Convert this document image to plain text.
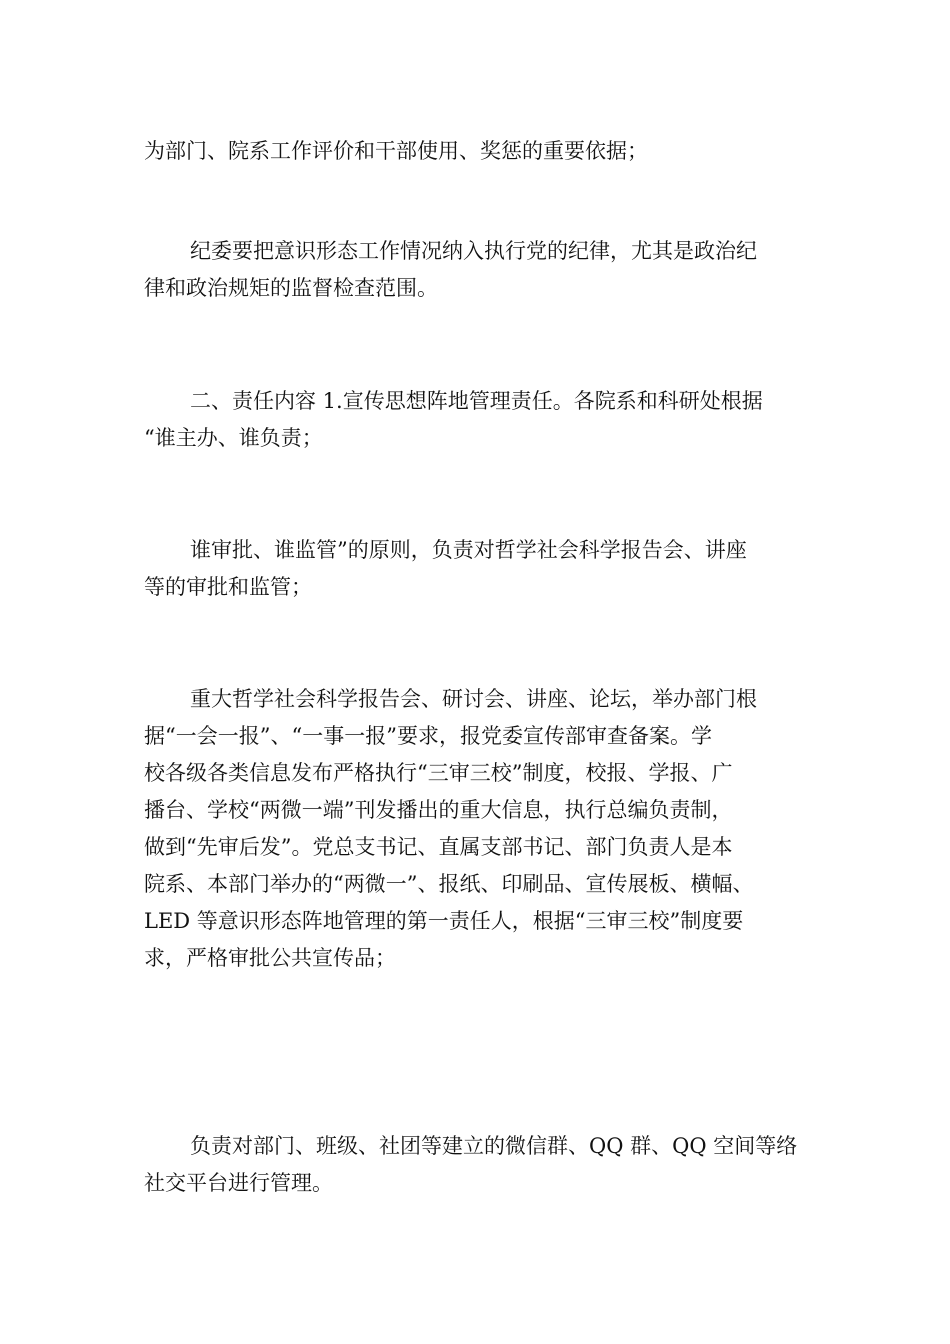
为部门、院系工作评价和干部使用、奖惩的重要依据；
纪委要把意识形态工作情况纳入执行党的纪律，尤其是政治纪
律和政治规矩的监督检查范围。
二、责任内容 1.宣传思想阵地管理责任。各院系和科研处根据
“谁主办、谁负责；
谁审批、谁监管”的原则，负责对哲学社会科学报告会、讲座
等的审批和监管；
重大哲学社会科学报告会、研讨会、讲座、论坛，举办部门根
据“一会一报”、“一事一报”要求，报党委宣传部审查备案。学
校各级各类信息发布严格执行“三审三校”制度，校报、学报、广
播台、学校“两微一端”刊发播出的重大信息，执行总编负责制，
做到“先审后发”。党总支书记、直属支部书记、部门负责人是本
院系、本部门举办的“两微一”、报纸、印刷品、宣传展板、横幅、
LED 等意识形态阵地管理的第一责任人，根据“三审三校”制度要
求，严格审批公共宣传品；
负责对部门、班级、社团等建立的微信群、QQ 群、QQ 空间等络
社交平台进行管理。
